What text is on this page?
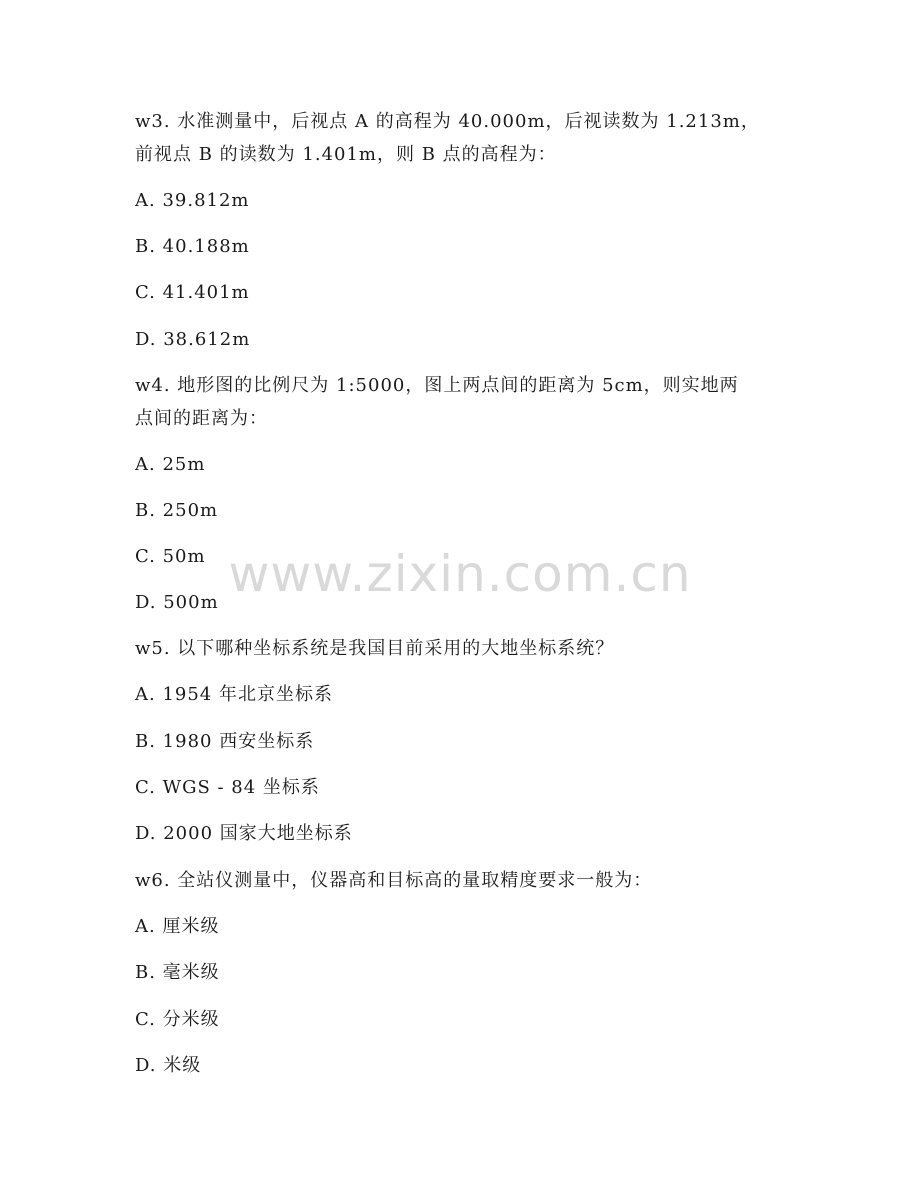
w3. 水准测量中，后视点 A 的高程为 40.000m，后视读数为 1.213m，
前视点 B 的读数为 1.401m，则 B 点的高程为：
A. 39.812m
B. 40.188m
C. 41.401m
D. 38.612m
w4. 地形图的比例尺为 1:5000，图上两点间的距离为 5cm，则实地两
点间的距离为：
A. 25m
B. 250m
C. 50m
D. 500m
w5. 以下哪种坐标系统是我国目前采用的大地坐标系统？
A. 1954 年北京坐标系
B. 1980 西安坐标系
C. WGS - 84 坐标系
D. 2000 国家大地坐标系
w6. 全站仪测量中，仪器高和目标高的量取精度要求一般为：
A. 厘米级
B. 毫米级
C. 分米级
D. 米级
www.zixin.com.cn
